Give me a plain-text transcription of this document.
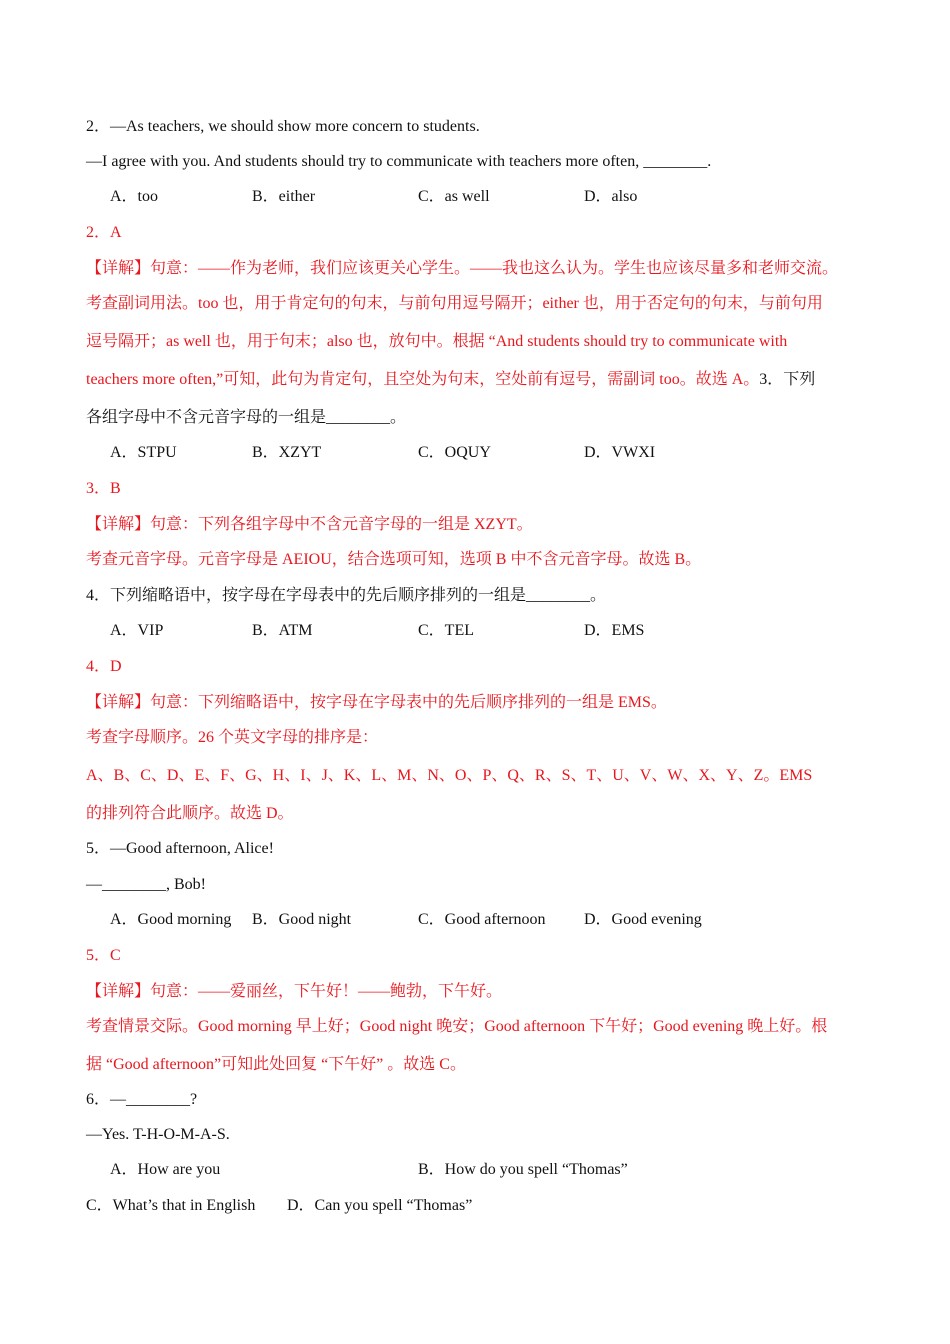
2．—As teachers, we should show more concern to students.
—I agree with you. And students should try to communicate with teachers more often, ________.
A．too	B．either	C．as well	D．also
2．A
【详解】句意：——作为老师，我们应该更关心学生。——我也这么认为。学生也应该尽量多和老师交流。
考查副词用法。too 也，用于肯定句的句末，与前句用逗号隔开；either 也，用于否定句的句末，与前句用
逗号隔开；as well 也，用于句末；also 也，放句中。根据 “And students should try to communicate with
teachers more often,”可知，此句为肯定句，且空处为句末，空处前有逗号，需副词 too。故选 A。3．下列
各组字母中不含元音字母的一组是________。
A．STPU	B．XZYT	C．OQUY	D．VWXI
3．B
【详解】句意：下列各组字母中不含元音字母的一组是 XZYT。
考查元音字母。元音字母是 AEIOU，结合选项可知，选项 B 中不含元音字母。故选 B。
4．下列缩略语中，按字母在字母表中的先后顺序排列的一组是________。
A．VIP	B．ATM	C．TEL	D．EMS
4．D
【详解】句意：下列缩略语中，按字母在字母表中的先后顺序排列的一组是 EMS。
考查字母顺序。26 个英文字母的排序是：
A、B、C、D、E、F、G、H、I、J、K、L、M、N、O、P、Q、R、S、T、U、V、W、X、Y、Z。EMS
的排列符合此顺序。故选 D。
5．—Good afternoon, Alice!
—________, Bob!
A．Good morning B．Good night	C．Good afternoon D．Good evening
5．C
【详解】句意：——爱丽丝，下午好！——鲍勃，下午好。
考查情景交际。Good morning 早上好；Good night 晚安；Good afternoon 下午好；Good evening 晚上好。根
据 “Good afternoon”可知此处回复 “下午好” 。故选 C。
6．—________?
—Yes. T-H-O-M-A-S.
A．How are you	B．How do you spell “Thomas”
C．What’s that in English D．Can you spell “Thomas”
